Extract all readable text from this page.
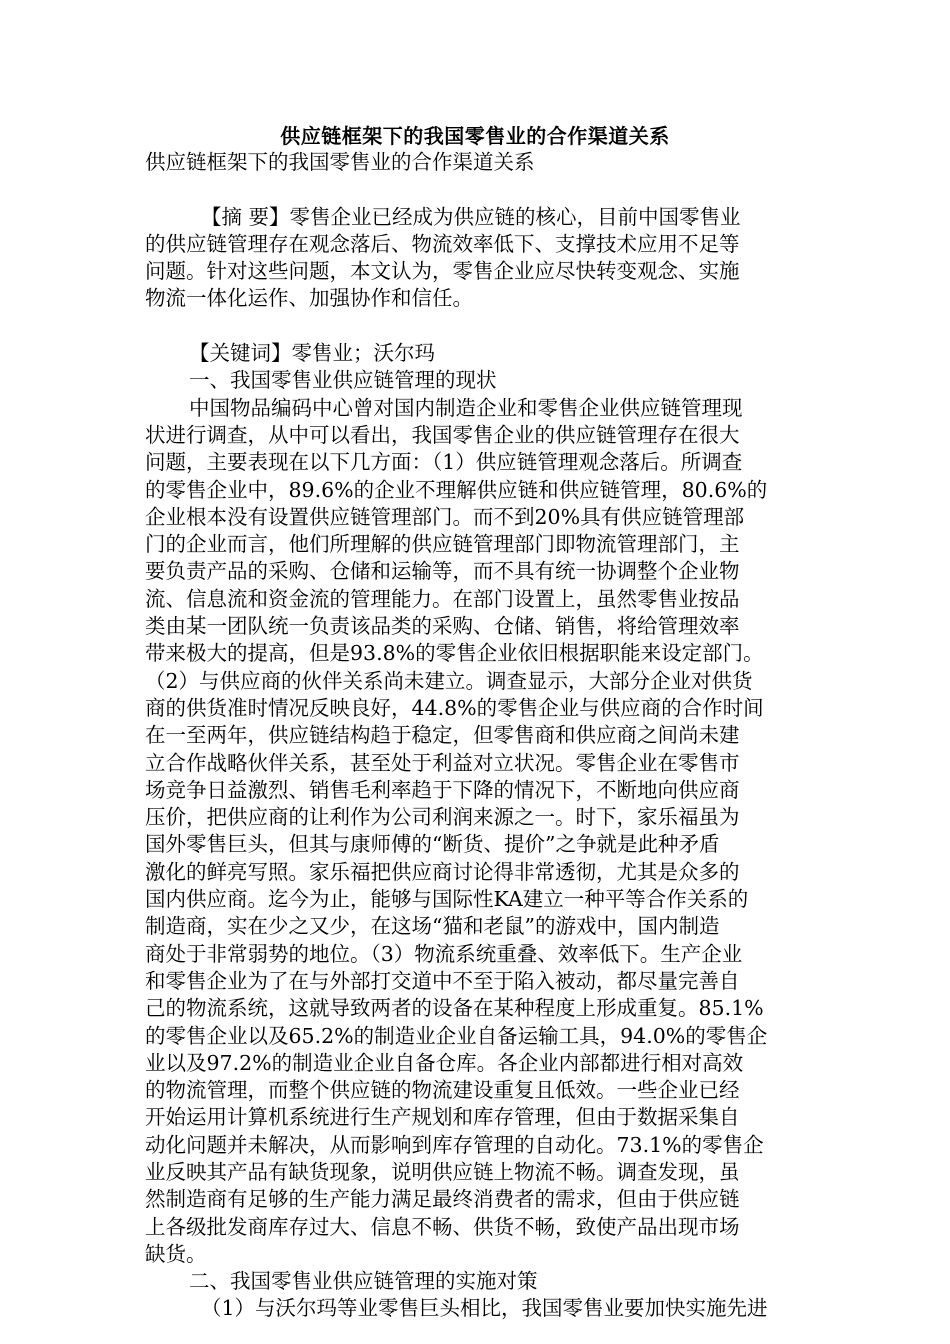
供应链框架下的我国零售业的合作渠道关系
供应链框架下的我国零售业的合作渠道关系
【摘 要】零售企业已经成为供应链的核心，目前中国零售业
的供应链管理存在观念落后、物流效率低下、支撑技术应用不足等
问题。针对这些问题，本文认为，零售企业应尽快转变观念、实施
物流一体化运作、加强协作和信任。
【关键词】零售业；沃尔玛
一、我国零售业供应链管理的现状
中国物品编码中心曾对国内制造企业和零售企业供应链管理现
状进行调查，从中可以看出，我国零售企业的供应链管理存在很大
问题，主要表现在以下几方面：（1）供应链管理观念落后。所调查
的零售企业中，89.6%的企业不理解供应链和供应链管理，80.6%的
企业根本没有设置供应链管理部门。而不到20%具有供应链管理部
门的企业而言，他们所理解的供应链管理部门即物流管理部门，主
要负责产品的采购、仓储和运输等，而不具有统一协调整个企业物
流、信息流和资金流的管理能力。在部门设置上，虽然零售业按品
类由某一团队统一负责该品类的采购、仓储、销售，将给管理效率
带来极大的提高，但是93.8%的零售企业依旧根据职能来设定部门。
（2）与供应商的伙伴关系尚未建立。调查显示，大部分企业对供货
商的供货准时情况反映良好，44.8%的零售企业与供应商的合作时间
在一至两年，供应链结构趋于稳定，但零售商和供应商之间尚未建
立合作战略伙伴关系，甚至处于利益对立状况。零售企业在零售市
场竞争日益激烈、销售毛利率趋于下降的情况下，不断地向供应商
压价，把供应商的让利作为公司利润来源之一。时下，家乐福虽为
国外零售巨头，但其与康师傅的“断货、提价”之争就是此种矛盾
激化的鲜亮写照。家乐福把供应商讨论得非常透彻，尤其是众多的
国内供应商。迄今为止，能够与国际性KA建立一种平等合作关系的
制造商，实在少之又少，在这场“猫和老鼠”的游戏中，国内制造
商处于非常弱势的地位。（3）物流系统重叠、效率低下。生产企业
和零售企业为了在与外部打交道中不至于陷入被动，都尽量完善自
己的物流系统，这就导致两者的设备在某种程度上形成重复。85.1%
的零售企业以及65.2%的制造业企业自备运输工具，94.0%的零售企
业以及97.2%的制造业企业自备仓库。各企业内部都进行相对高效
的物流管理，而整个供应链的物流建设重复且低效。一些企业已经
开始运用计算机系统进行生产规划和库存管理，但由于数据采集自
动化问题并未解决，从而影响到库存管理的自动化。73.1%的零售企
业反映其产品有缺货现象，说明供应链上物流不畅。调查发现，虽
然制造商有足够的生产能力满足最终消费者的需求，但由于供应链
上各级批发商库存过大、信息不畅、供货不畅，致使产品出现市场
缺货。
二、我国零售业供应链管理的实施对策
（1）与沃尔玛等业零售巨头相比，我国零售业要加快实施先进
